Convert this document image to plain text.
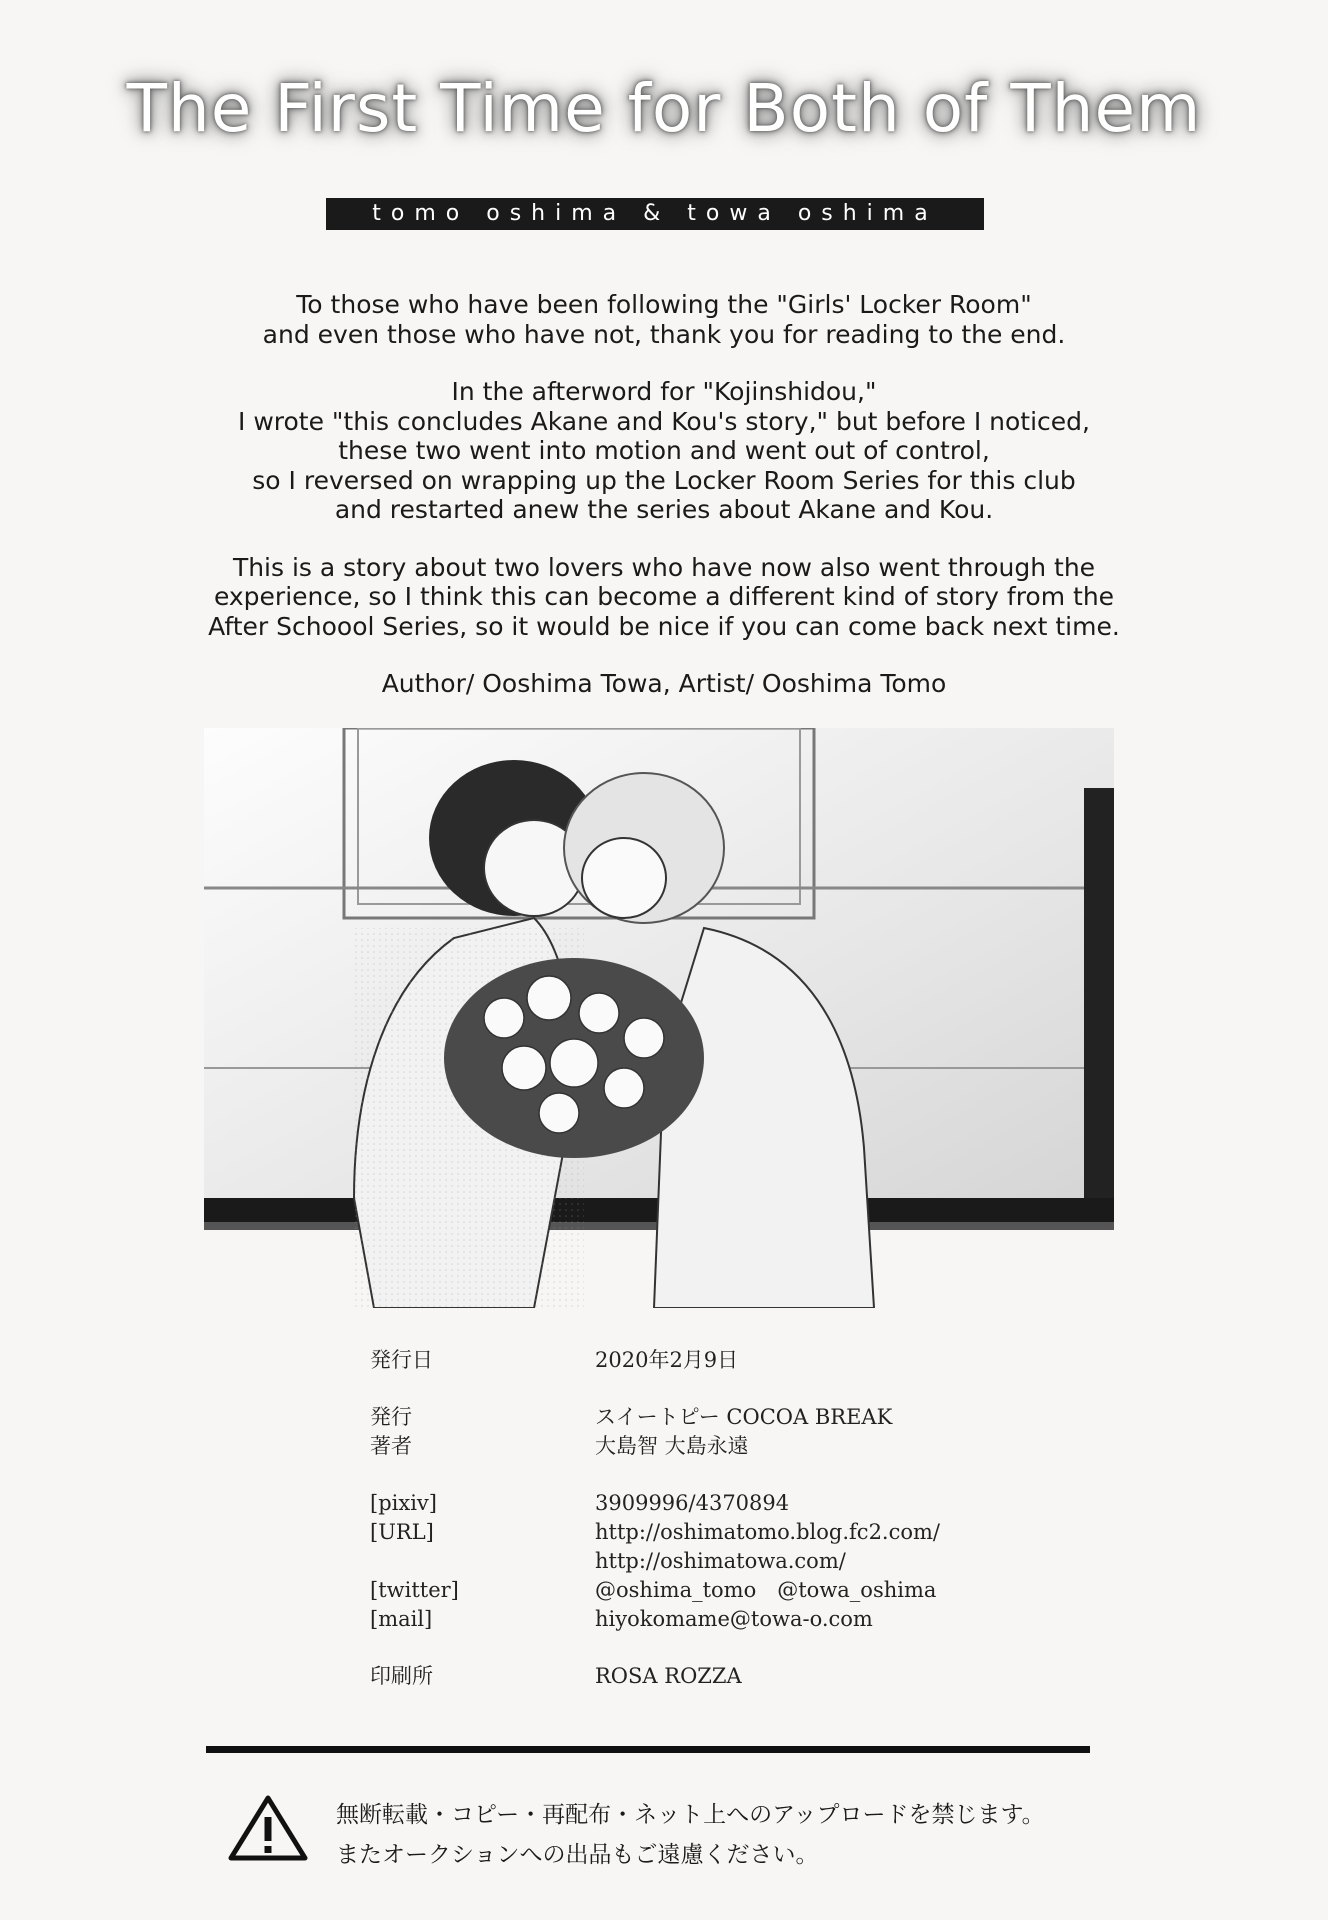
The First Time for Both of Them
tomo oshima & towa oshima

To those who have been following the "Girls' Locker Room"
and even those who have not, thank you for reading to the end.

In the afterword for "Kojinshidou,"
I wrote "this concludes Akane and Kou's story," but before I noticed,
these two went into motion and went out of control,
so I reversed on wrapping up the Locker Room Series for this club
and restarted anew the series about Akane and Kou.

This is a story about two lovers who have now also went through the
experience, so I think this can become a different kind of story from the
After Schoool Series, so it would be nice if you can come back next time.

Author/ Ooshima Towa, Artist/ Ooshima Tomo

発行日	2020年2月9日
発行	スイートピー COCOA BREAK
著者	大島智 大島永遠
[pixiv]	3909996/4370894
[URL]	http://oshimatomo.blog.fc2.com/
http://oshimatowa.com/
[twitter]	@oshima_tomo　@towa_oshima
[mail]	hiyokomame@towa-o.com
印刷所	ROSA ROZZA
無断転載・コピー・再配布・ネット上へのアップロードを禁じます。
またオークションへの出品もご遠慮ください。
